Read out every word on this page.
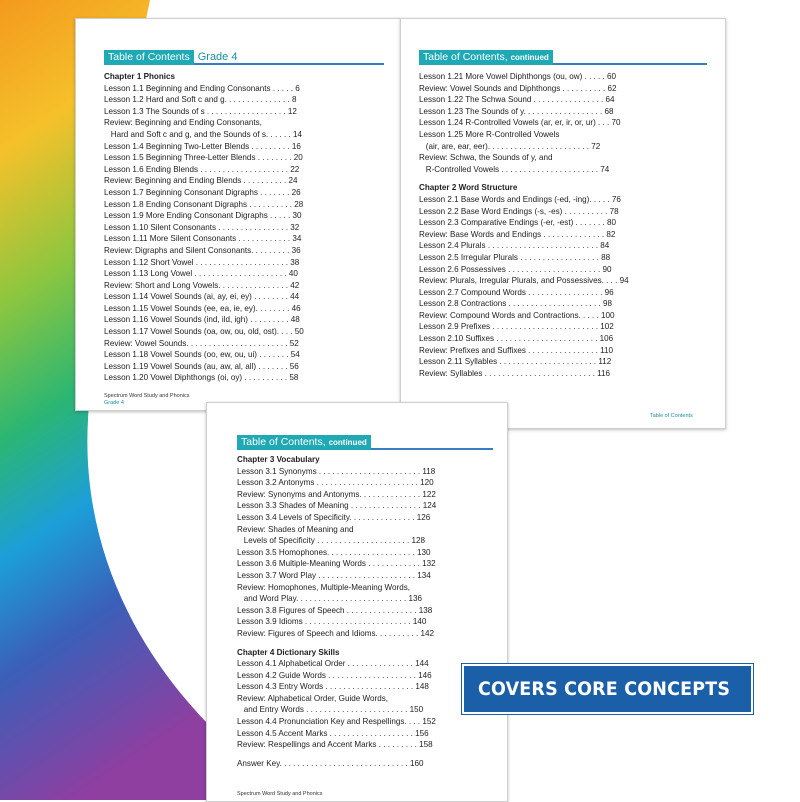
Table of Contents Grade 4
Chapter 1 Phonics
Lesson 1.1 Beginning and Ending Consonants . . . . . 6
Lesson 1.2 Hard and Soft c and g. . . . . . . . . . . . . . . 8
Lesson 1.3 The Sounds of s . . . . . . . . . . . . . . . . . . 12
Review: Beginning and Ending Consonants,
Hard and Soft c and g, and the Sounds of s. . . . . . 14
Lesson 1.4 Beginning Two-Letter Blends . . . . . . . . . 16
Lesson 1.5 Beginning Three-Letter Blends . . . . . . . . 20
Lesson 1.6 Ending Blends . . . . . . . . . . . . . . . . . . . . 22
Review: Beginning and Ending Blends . . . . . . . . . . 24
Lesson 1.7 Beginning Consonant Digraphs . . . . . . . 26
Lesson 1.8 Ending Consonant Digraphs . . . . . . . . . . 28
Lesson 1.9 More Ending Consonant Digraphs . . . . . 30
Lesson 1.10 Silent Consonants . . . . . . . . . . . . . . . . 32
Lesson 1.11 More Silent Consonants . . . . . . . . . . . . 34
Review: Digraphs and Silent Consonants. . . . . . . . . 36
Lesson 1.12 Short Vowel . . . . . . . . . . . . . . . . . . . . . 38
Lesson 1.13 Long Vowel . . . . . . . . . . . . . . . . . . . . . 40
Review: Short and Long Vowels. . . . . . . . . . . . . . . . 42
Lesson 1.14 Vowel Sounds (ai, ay, ei, ey) . . . . . . . . 44
Lesson 1.15 Vowel Sounds (ee, ea, ie, ey). . . . . . . . 46
Lesson 1.16 Vowel Sounds (ind, ild, igh) . . . . . . . . . 48
Lesson 1.17 Vowel Sounds (oa, ow, ou, old, ost). . . . 50
Review: Vowel Sounds. . . . . . . . . . . . . . . . . . . . . . . 52
Lesson 1.18 Vowel Sounds (oo, ew, ou, ui) . . . . . . . 54
Lesson 1.19 Vowel Sounds (au, aw, al, all) . . . . . . . 56
Lesson 1.20 Vowel Diphthongs (oi, oy) . . . . . . . . . . 58
Spectrum Word Study and Phonics
Grade 4
Table of Contents, continued
Lesson 1.21 More Vowel Diphthongs (ou, ow) . . . . . 60
Review: Vowel Sounds and Diphthongs . . . . . . . . . . 62
Lesson 1.22 The Schwa Sound . . . . . . . . . . . . . . . . 64
Lesson 1.23 The Sounds of y. . . . . . . . . . . . . . . . . . 68
Lesson 1.24 R-Controlled Vowels (ar, er, ir, or, ur) . . . 70
Lesson 1.25 More R-Controlled Vowels
(air, are, ear, eer). . . . . . . . . . . . . . . . . . . . . . . 72
Review: Schwa, the Sounds of y, and
R-Controlled Vowels . . . . . . . . . . . . . . . . . . . . . . 74
Chapter 2 Word Structure
Lesson 2.1 Base Words and Endings (-ed, -ing). . . . . 76
Lesson 2.2 Base Word Endings (-s, -es) . . . . . . . . . . 78
Lesson 2.3 Comparative Endings (-er, -est) . . . . . . . 80
Review: Base Words and Endings . . . . . . . . . . . . . . 82
Lesson 2.4 Plurals . . . . . . . . . . . . . . . . . . . . . . . . . 84
Lesson 2.5 Irregular Plurals . . . . . . . . . . . . . . . . . . 88
Lesson 2.6 Possessives . . . . . . . . . . . . . . . . . . . . . 90
Review: Plurals, Irregular Plurals, and Possessives. . . . 94
Lesson 2.7 Compound Words . . . . . . . . . . . . . . . . . 96
Lesson 2.8 Contractions . . . . . . . . . . . . . . . . . . . . . 98
Review: Compound Words and Contractions. . . . . 100
Lesson 2.9 Prefixes . . . . . . . . . . . . . . . . . . . . . . . . 102
Lesson 2.10 Suffixes . . . . . . . . . . . . . . . . . . . . . . . 106
Review: Prefixes and Suffixes . . . . . . . . . . . . . . . . 110
Lesson 2.11 Syllables . . . . . . . . . . . . . . . . . . . . . . 112
Review: Syllables . . . . . . . . . . . . . . . . . . . . . . . . . 116
Table of Contents
Table of Contents, continued
Chapter 3 Vocabulary
Lesson 3.1 Synonyms . . . . . . . . . . . . . . . . . . . . . . . 118
Lesson 3.2 Antonyms . . . . . . . . . . . . . . . . . . . . . . . 120
Review: Synonyms and Antonyms. . . . . . . . . . . . . . 122
Lesson 3.3 Shades of Meaning . . . . . . . . . . . . . . . . 124
Lesson 3.4 Levels of Specificity. . . . . . . . . . . . . . . 126
Review: Shades of Meaning and
Levels of Specificity . . . . . . . . . . . . . . . . . . . . . 128
Lesson 3.5 Homophones. . . . . . . . . . . . . . . . . . . . 130
Lesson 3.6 Multiple-Meaning Words . . . . . . . . . . . . 132
Lesson 3.7 Word Play . . . . . . . . . . . . . . . . . . . . . . 134
Review: Homophones, Multiple-Meaning Words,
and Word Play. . . . . . . . . . . . . . . . . . . . . . . . . 136
Lesson 3.8 Figures of Speech . . . . . . . . . . . . . . . . 138
Lesson 3.9 Idioms . . . . . . . . . . . . . . . . . . . . . . . . 140
Review: Figures of Speech and Idioms. . . . . . . . . . 142
Chapter 4 Dictionary Skills
Lesson 4.1 Alphabetical Order . . . . . . . . . . . . . . . 144
Lesson 4.2 Guide Words . . . . . . . . . . . . . . . . . . . . 146
Lesson 4.3 Entry Words . . . . . . . . . . . . . . . . . . . . 148
Review: Alphabetical Order, Guide Words,
and Entry Words . . . . . . . . . . . . . . . . . . . . . . . 150
Lesson 4.4 Pronunciation Key and Respellings. . . . 152
Lesson 4.5 Accent Marks . . . . . . . . . . . . . . . . . . . 156
Review: Respellings and Accent Marks . . . . . . . . . 158
Answer Key. . . . . . . . . . . . . . . . . . . . . . . . . . . . . 160
Spectrum Word Study and Phonics
COVERS CORE CONCEPTS
